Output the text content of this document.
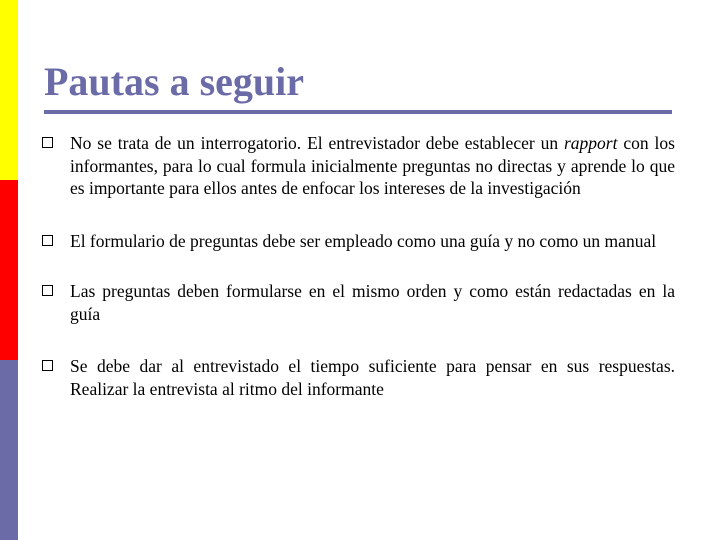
Pautas a seguir
No se trata de un interrogatorio. El entrevistador debe establecer un rapport con los informantes, para lo cual formula inicialmente preguntas no directas y aprende lo que es importante para ellos antes de enfocar los intereses de la investigación
El formulario de preguntas debe ser empleado como una guía y no como un manual
Las preguntas deben formularse en el mismo orden y como están redactadas en la guía
Se debe dar al entrevistado el tiempo suficiente para pensar en sus respuestas. Realizar la entrevista al ritmo del informante
